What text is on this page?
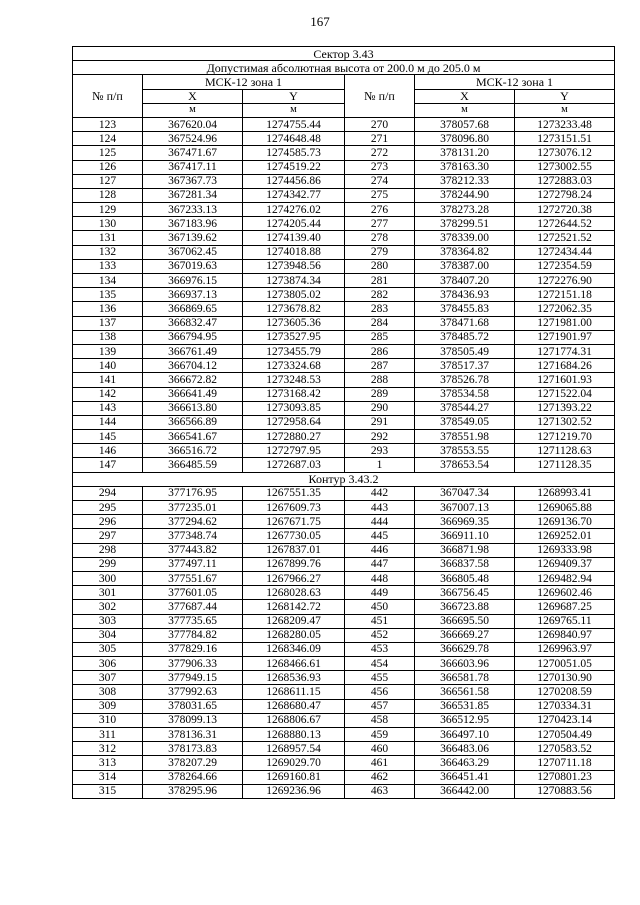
167
Сектор 3.43					
Допустимая абсолютная высота от 200.0 м до 205.0 м					
№ п/п	МСК-12 зона 1		№ п/п	МСК-12 зона 1	
	X	Y		X	Y
	м	м		м	м
123	367620.04	1274755.44	270	378057.68	1273233.48
124	367524.96	1274648.48	271	378096.80	1273151.51
125	367471.67	1274585.73	272	378131.20	1273076.12
126	367417.11	1274519.22	273	378163.30	1273002.55
127	367367.73	1274456.86	274	378212.33	1272883.03
128	367281.34	1274342.77	275	378244.90	1272798.24
129	367233.13	1274276.02	276	378273.28	1272720.38
130	367183.96	1274205.44	277	378299.51	1272644.52
131	367139.62	1274139.40	278	378339.00	1272521.52
132	367062.45	1274018.88	279	378364.82	1272434.44
133	367019.63	1273948.56	280	378387.00	1272354.59
134	366976.15	1273874.34	281	378407.20	1272276.90
135	366937.13	1273805.02	282	378436.93	1272151.18
136	366869.65	1273678.82	283	378455.83	1272062.35
137	366832.47	1273605.36	284	378471.68	1271981.00
138	366794.95	1273527.95	285	378485.72	1271901.97
139	366761.49	1273455.79	286	378505.49	1271774.31
140	366704.12	1273324.68	287	378517.37	1271684.26
141	366672.82	1273248.53	288	378526.78	1271601.93
142	366641.49	1273168.42	289	378534.58	1271522.04
143	366613.80	1273093.85	290	378544.27	1271393.22
144	366566.89	1272958.64	291	378549.05	1271302.52
145	366541.67	1272880.27	292	378551.98	1271219.70
146	366516.72	1272797.95	293	378553.55	1271128.63
147	366485.59	1272687.03	1	378653.54	1271128.35
Контур 3.43.2					
294	377176.95	1267551.35	442	367047.34	1268993.41
295	377235.01	1267609.73	443	367007.13	1269065.88
296	377294.62	1267671.75	444	366969.35	1269136.70
297	377348.74	1267730.05	445	366911.10	1269252.01
298	377443.82	1267837.01	446	366871.98	1269333.98
299	377497.11	1267899.76	447	366837.58	1269409.37
300	377551.67	1267966.27	448	366805.48	1269482.94
301	377601.05	1268028.63	449	366756.45	1269602.46
302	377687.44	1268142.72	450	366723.88	1269687.25
303	377735.65	1268209.47	451	366695.50	1269765.11
304	377784.82	1268280.05	452	366669.27	1269840.97
305	377829.16	1268346.09	453	366629.78	1269963.97
306	377906.33	1268466.61	454	366603.96	1270051.05
307	377949.15	1268536.93	455	366581.78	1270130.90
308	377992.63	1268611.15	456	366561.58	1270208.59
309	378031.65	1268680.47	457	366531.85	1270334.31
310	378099.13	1268806.67	458	366512.95	1270423.14
311	378136.31	1268880.13	459	366497.10	1270504.49
312	378173.83	1268957.54	460	366483.06	1270583.52
313	378207.29	1269029.70	461	366463.29	1270711.18
314	378264.66	1269160.81	462	366451.41	1270801.23
315	378295.96	1269236.96	463	366442.00	1270883.56
